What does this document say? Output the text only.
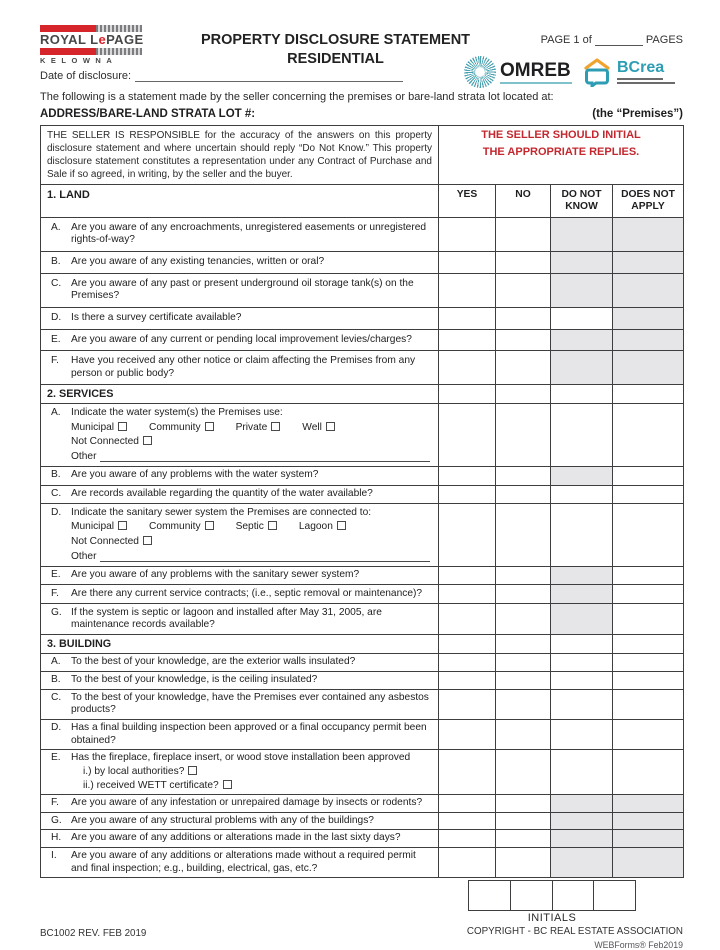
ROYAL LePAGE
KELOWNA
PROPERTY DISCLOSURE STATEMENT
RESIDENTIAL
PAGE 1 of	PAGES
Date of disclosure:	OMREB	BCrea
The following is a statement made by the seller concerning the premises or bare-land strata lot located at:
ADDRESS/BARE-LAND STRATA LOT #:	(the “Premises”)
THE SELLER IS RESPONSIBLE for the accuracy of the answers on this property disclosure statement and where uncertain should reply “Do Not Know.” This property disclosure statement constitutes a representation under any Contract of Purchase and Sale if so agreed, in writing, by the seller and the buyer.	THE SELLER SHOULD INITIAL
THE APPROPRIATE REPLIES.			

1. LAND	YES	NO	DO NOT KNOW	DOES NOT APPLY

A. Are you aware of any encroachments, unregistered easements or unregistered rights-of-way?				

B. Are you aware of any existing tenancies, written or oral?				

C. Are you aware of any past or present underground oil storage tank(s) on the Premises?				

D. Is there a survey certificate available?				

E. Are you aware of any current or pending local improvement levies/charges?				

F. Have you received any other notice or claim affecting the Premises from any person or public body?				

2. SERVICES				

A.	Indicate the water system(s) the Premises use:
Municipal	Community	Private	Well
Not Connected
Other

B. Are you aware of any problems with the water system?				

C. Are records available regarding the quantity of the water available?				

D. Indicate the sanitary sewer system the Premises are connected to:
Municipal	Community	Septic	Lagoon
Not Connected
Other

E. Are you aware of any problems with the sanitary sewer system?				

F. Are there any current service contracts; (i.e., septic removal or maintenance)?				

G. If the system is septic or lagoon and installed after May 31, 2005, are maintenance records available?				

3. BUILDING				

A. To the best of your knowledge, are the exterior walls insulated?				

B. To the best of your knowledge, is the ceiling insulated?				

C. To the best of your knowledge, have the Premises ever contained any asbestos products?				

D. Has a final building inspection been approved or a final occupancy permit been obtained?				

E. Has the fireplace, fireplace insert, or wood stove installation been approved
i.) by local authorities?
ii.) received WETT certificate?				

F. Are you aware of any infestation or unrepaired damage by insects or rodents?				

G. Are you aware of any structural problems with any of the buildings?				

H. Are you aware of any additions or alterations made in the last sixty days?				

I. Are you aware of any additions or alterations made without a required permit and final inspection; e.g., building, electrical, gas, etc.?				

INITIALS
BC1002 REV. FEB 2019	COPYRIGHT - BC REAL ESTATE ASSOCIATION
WEBForms® Feb2019
